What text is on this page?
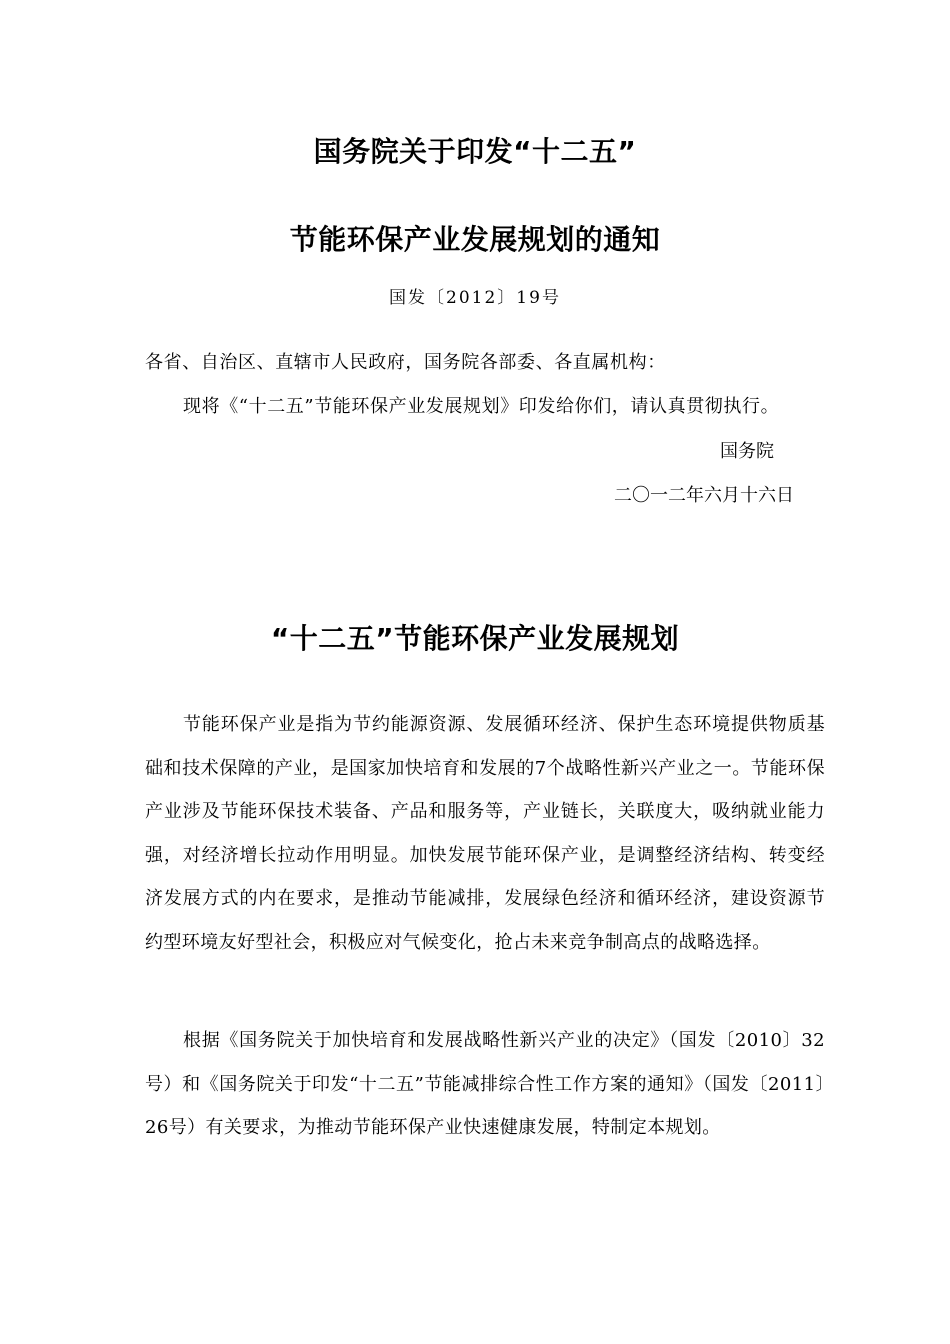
国务院关于印发“十二五”
节能环保产业发展规划的通知
国发〔2012〕19号
各省、自治区、直辖市人民政府，国务院各部委、各直属机构：
现将《“十二五”节能环保产业发展规划》印发给你们，请认真贯彻执行。
国务院
二〇一二年六月十六日
“十二五”节能环保产业发展规划
节能环保产业是指为节约能源资源、发展循环经济、保护生态环境提供物质基础和技术保障的产业，是国家加快培育和发展的7个战略性新兴产业之一。节能环保产业涉及节能环保技术装备、产品和服务等，产业链长，关联度大，吸纳就业能力强，对经济增长拉动作用明显。加快发展节能环保产业，是调整经济结构、转变经济发展方式的内在要求，是推动节能减排，发展绿色经济和循环经济，建设资源节约型环境友好型社会，积极应对气候变化，抢占未来竞争制高点的战略选择。
根据《国务院关于加快培育和发展战略性新兴产业的决定》（国发〔2010〕32号）和《国务院关于印发“十二五”节能减排综合性工作方案的通知》（国发〔2011〕26号）有关要求，为推动节能环保产业快速健康发展，特制定本规划。
